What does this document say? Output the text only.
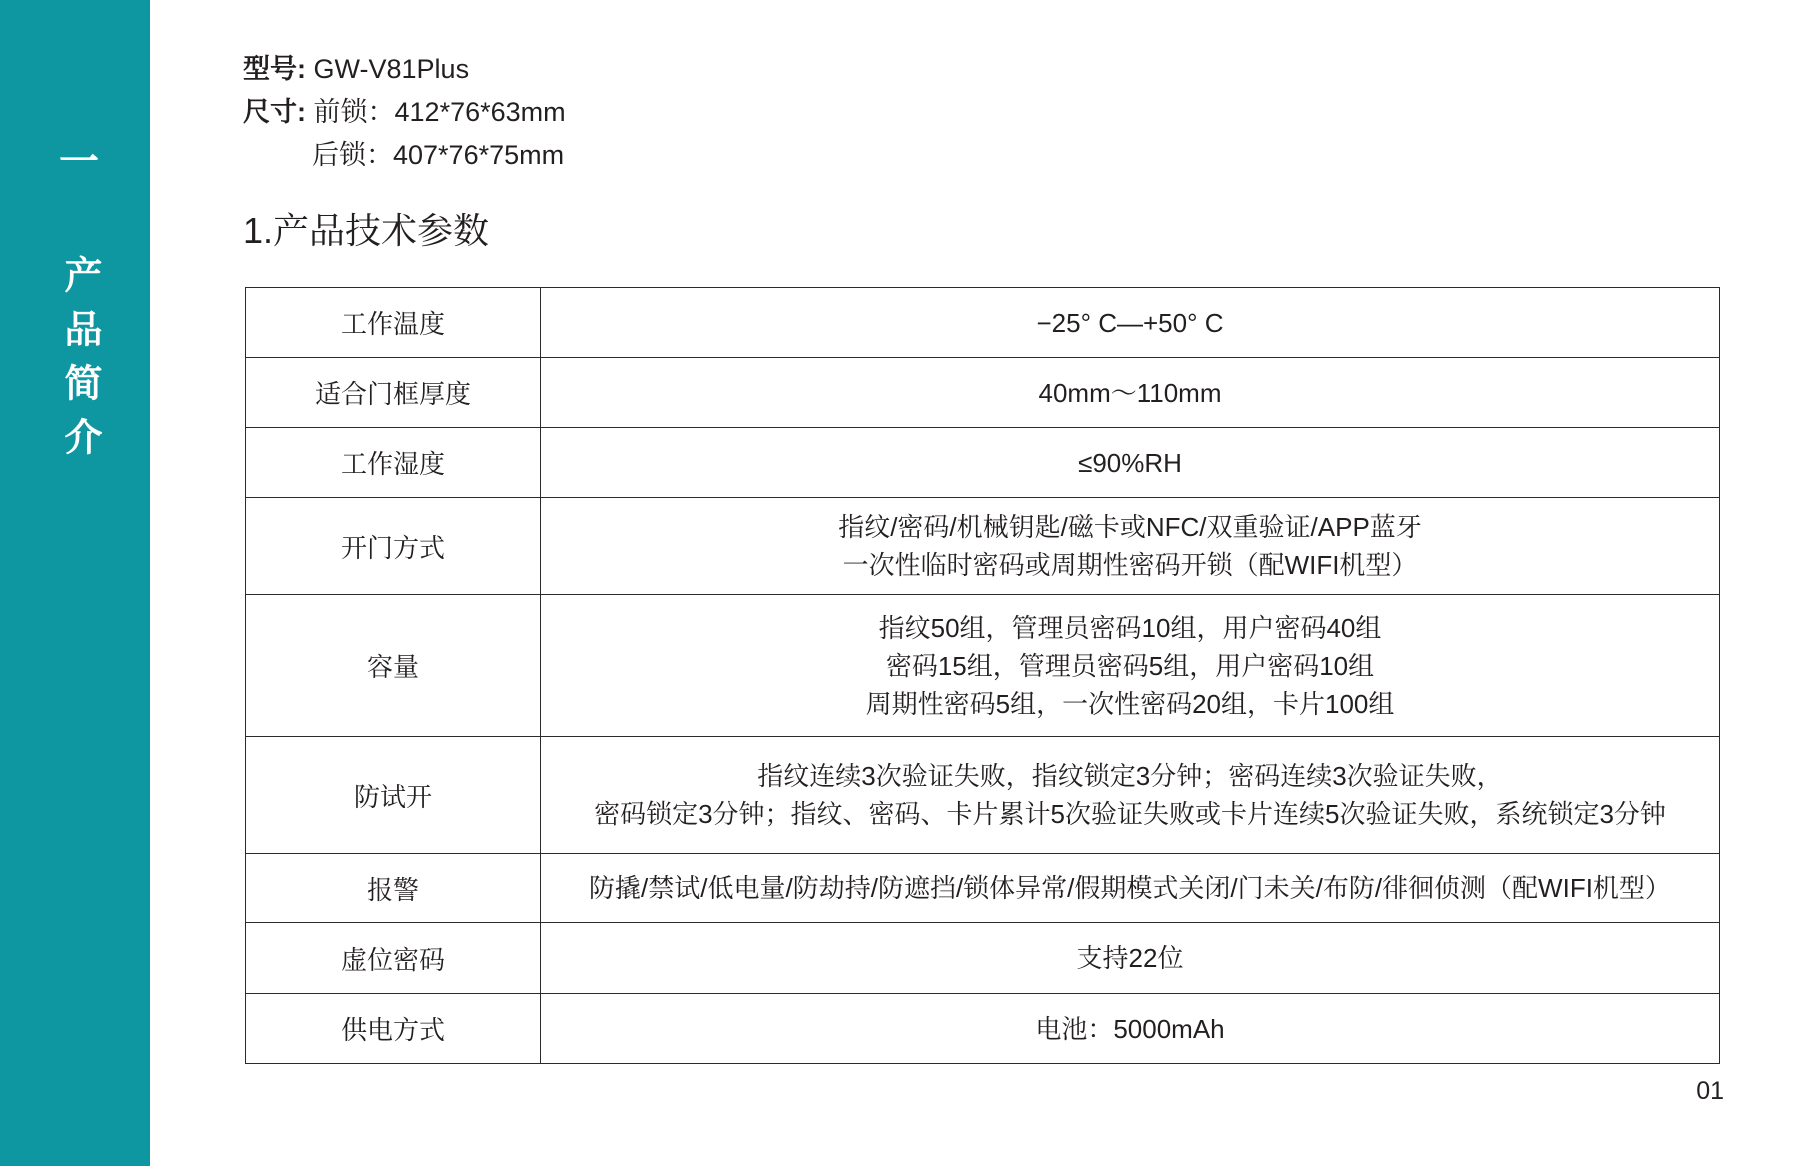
一
产品简介
型号: GW-V81Plus
尺寸: 前锁：412*76*63mm
后锁：407*76*75mm
1.产品技术参数
工作温度	−25° C—+50° C

适合门框厚度	40mm～110mm

工作湿度	≤90%RH

开门方式	指纹/密码/机械钥匙/磁卡或NFC/双重验证/APP蓝牙
一次性临时密码或周期性密码开锁（配WIFI机型）

容量	指纹50组，管理员密码10组，用户密码40组
密码15组，管理员密码5组，用户密码10组
周期性密码5组，一次性密码20组，卡片100组

防试开	指纹连续3次验证失败，指纹锁定3分钟；密码连续3次验证失败，
密码锁定3分钟；指纹、密码、卡片累计5次验证失败或卡片连续5次验证失败，系统锁定3分钟

报警	防撬/禁试/低电量/防劫持/防遮挡/锁体异常/假期模式关闭/门未关/布防/徘徊侦测（配WIFI机型）

虚位密码	支持22位

供电方式	电池：5000mAh
01
